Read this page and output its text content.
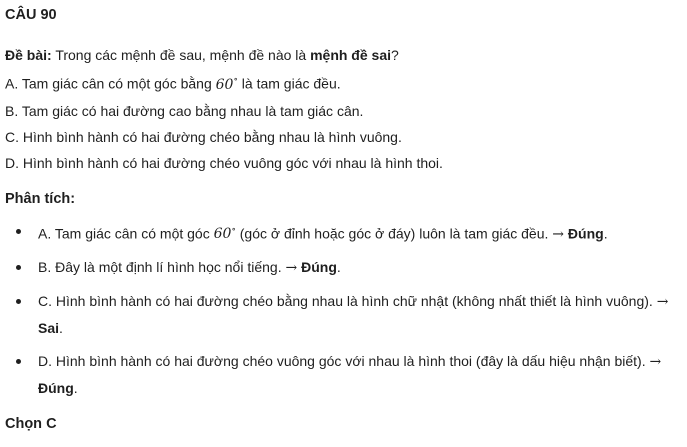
CÂU 90

Đề bài: Trong các mệnh đề sau, mệnh đề nào là mệnh đề sai?

A. Tam giác cân có một góc bằng 60∘ là tam giác đều.

B. Tam giác có hai đường cao bằng nhau là tam giác cân.

C. Hình bình hành có hai đường chéo bằng nhau là hình vuông.

D. Hình bình hành có hai đường chéo vuông góc với nhau là hình thoi.

Phân tích:

A. Tam giác cân có một góc 60∘ (góc ở đỉnh hoặc góc ở đáy) luôn là tam giác đều. → Đúng.
B. Đây là một định lí hình học nổi tiếng. → Đúng.
C. Hình bình hành có hai đường chéo bằng nhau là hình chữ nhật (không nhất thiết là hình vuông). → Sai.
D. Hình bình hành có hai đường chéo vuông góc với nhau là hình thoi (đây là dấu hiệu nhận biết). → Đúng.

Chọn C
